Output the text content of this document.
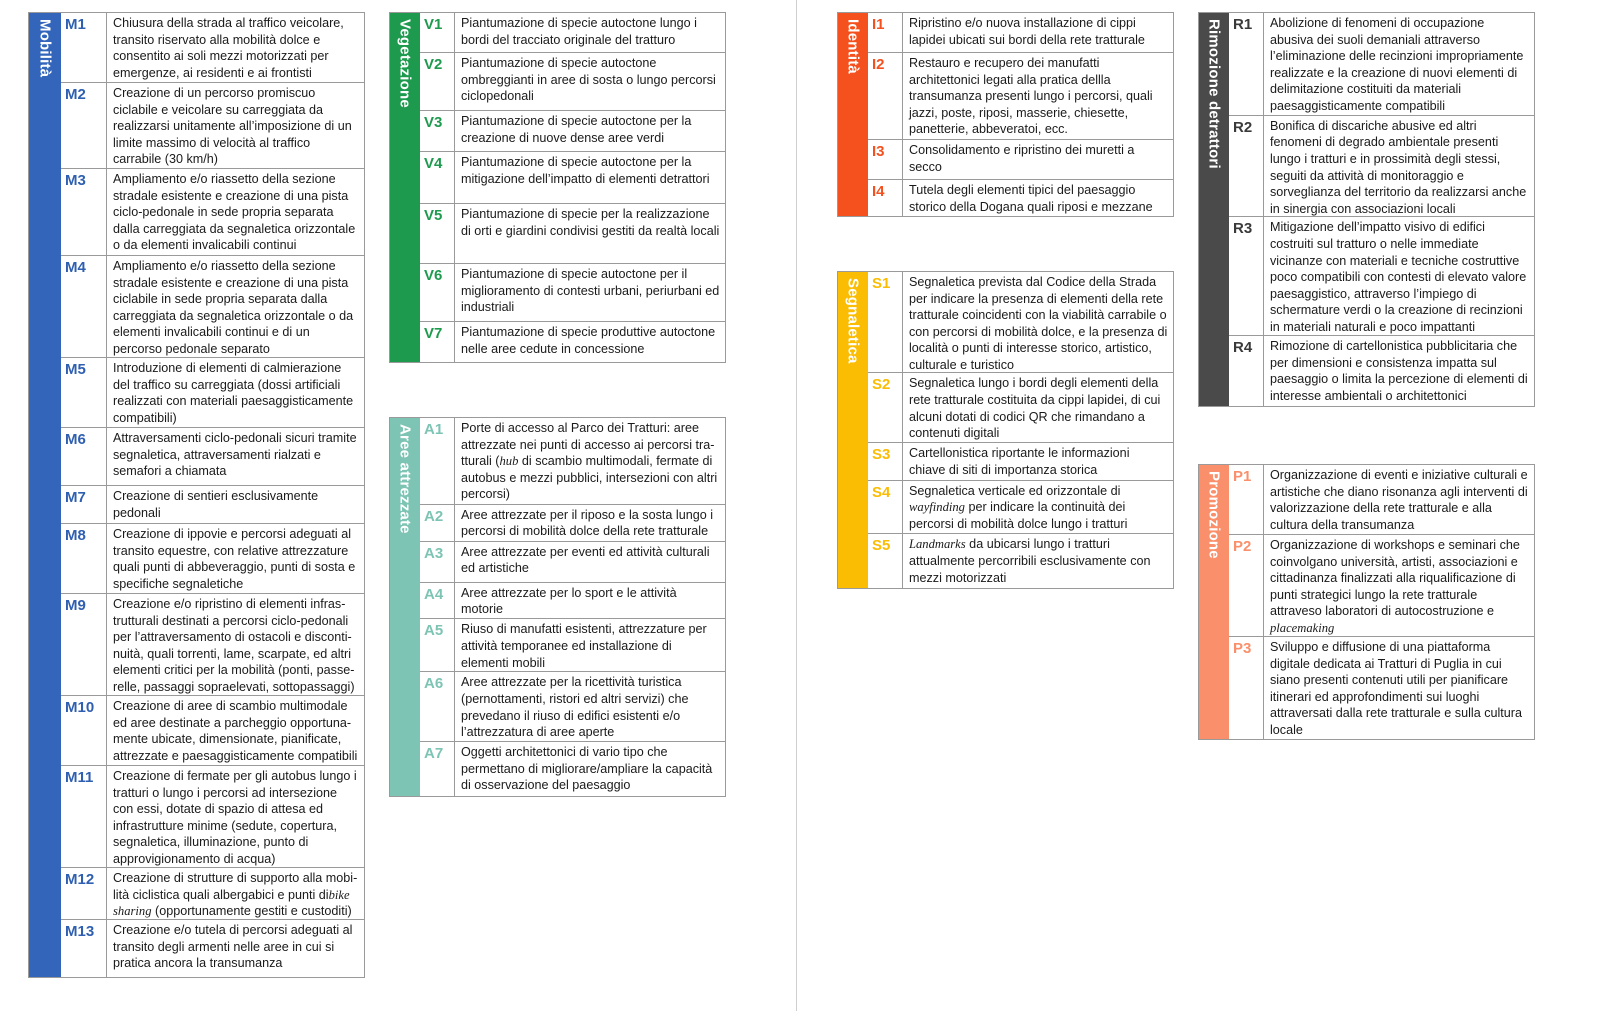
Mobilità M1	Chiusura della strada al traffico veicolare, transito riservato alla mobilità dolce e consentito ai soli mezzi motorizzati per emergenze, ai residenti e ai frontisti
M2	Creazione di un percorso promiscuo ciclabile e veicolare su carreggiata da realizzarsi unitamente all’imposizione di un limite massimo di velocità al traffico carrabile (30 km/h)
M3	Ampliamento e/o riassetto della sezione stradale esistente e creazione di una pista ciclo-pedonale in sede propria separata dalla carreggiata da segnaletica orizzontale o da elementi invalicabili continui
M4	Ampliamento e/o riassetto della sezione stradale esistente e creazione di una pista ciclabile in sede propria separata dalla carreggiata da segnaletica orizzontale o da elementi invalicabili continui e di un percorso pedonale separato
M5	Introduzione di elementi di calmierazione del traffico su carreggiata (dossi artificiali realizzati con materiali paesaggisticamente compatibili)
M6	Attraversamenti ciclo-pedonali sicuri tramite segnaletica, attraversamenti rialzati e semafori a chiamata
M7	Creazione di sentieri esclusivamente pedonali
M8	Creazione di ippovie e percorsi adeguati al transito equestre, con relative attrezzature quali punti di abbeveraggio, punti di sosta e specifiche segnaletiche
M9	Creazione e/o ripristino di elementi infras-trutturali destinati a percorsi ciclo-pedonali per l’attraversamento di ostacoli e disconti-nuità, quali torrenti, lame, scarpate, ed altri elementi critici per la mobilità (ponti, passe-relle, passaggi sopraelevati, sottopassaggi)
M10	Creazione di aree di scambio multimodale ed aree destinate a parcheggio opportuna-mente ubicate, dimensionate, pianificate, attrezzate e paesaggisticamente compatibili
M11	Creazione di fermate per gli autobus lungo i tratturi o lungo i percorsi ad intersezione con essi, dotate di spazio di attesa ed infrastrutture minime (sedute, copertura, segnaletica, illuminazione, punto di approvigionamento di acqua)
M12	Creazione di strutture di supporto alla mobi-lità ciclistica quali albergabici e punti dibike sharing (opportunamente gestiti e custoditi)
M13	Creazione e/o tutela di percorsi adeguati al transito degli armenti nelle aree in cui si pratica ancora la transumanza
Vegetazione V1	Piantumazione di specie autoctone lungo i bordi del tracciato originale del tratturo
V2	Piantumazione di specie autoctone ombreggianti in aree di sosta o lungo percorsi ciclopedonali
V3	Piantumazione di specie autoctone per la creazione di nuove dense aree verdi
V4	Piantumazione di specie autoctone per la mitigazione dell’impatto di elementi detrattori
V5	Piantumazione di specie per la realizzazione di orti e giardini condivisi gestiti da realtà locali
V6	Piantumazione di specie autoctone per il miglioramento di contesti urbani, periurbani ed industriali
V7	Piantumazione di specie produttive autoctone nelle aree cedute in concessione
Aree attrezzate A1	Porte di accesso al Parco dei Tratturi: aree attrezzate nei punti di accesso ai percorsi tra-tturali (hub di scambio multimodali, fermate di autobus e mezzi pubblici, intersezioni con altri percorsi)
A2	Aree attrezzate per il riposo e la sosta lungo i percorsi di mobilità dolce della rete tratturale
A3	Aree attrezzate per eventi ed attività culturali ed artistiche
A4	Aree attrezzate per lo sport e le attività motorie
A5	Riuso di manufatti esistenti, attrezzature per attività temporanee ed installazione di elementi mobili
A6	Aree attrezzate per la ricettività turistica (pernottamenti, ristori ed altri servizi) che prevedano il riuso di edifici esistenti e/o l’attrezzatura di aree aperte
A7	Oggetti architettonici di vario tipo che permettano di migliorare/ampliare la capacità di osservazione del paesaggio
Identità I1	Ripristino e/o nuova installazione di cippi lapidei ubicati sui bordi della rete tratturale
I2	Restauro e recupero dei manufatti architettonici legati alla pratica dellla transumanza presenti lungo i percorsi, quali jazzi, poste, riposi, masserie, chiesette, panetterie, abbeveratoi, ecc.
I3	Consolidamento e ripristino dei muretti a secco
I4	Tutela degli elementi tipici del paesaggio storico della Dogana quali riposi e mezzane
Segnaletica S1	Segnaletica prevista dal Codice della Strada per indicare la presenza di elementi della rete tratturale coincidenti con la viabilità carrabile o con percorsi di mobilità dolce, e la presenza di località o punti di interesse storico, artistico, culturale e turistico
S2	Segnaletica lungo i bordi degli elementi della rete tratturale costituita da cippi lapidei, di cui alcuni dotati di codici QR che rimandano a contenuti digitali
S3	Cartellonistica riportante le informazioni chiave di siti di importanza storica
S4	Segnaletica verticale ed orizzontale di wayfinding per indicare la continuità dei percorsi di mobilità dolce lungo i tratturi
S5	Landmarks da ubicarsi lungo i tratturi attualmente percorribili esclusivamente con mezzi motorizzati
Rimozione detrattori R1	Abolizione di fenomeni di occupazione abusiva dei suoli demaniali attraverso l’eliminazione delle recinzioni impropriamente realizzate e la creazione di nuovi elementi di delimitazione costituiti da materiali paesaggisticamente compatibili
R2	Bonifica di discariche abusive ed altri fenomeni di degrado ambientale presenti lungo i tratturi e in prossimità degli stessi, seguiti da attività di monitoraggio e sorveglianza del territorio da realizzarsi anche in sinergia con associazioni locali
R3	Mitigazione dell’impatto visivo di edifici costruiti sul tratturo o nelle immediate vicinanze con materiali e tecniche costruttive poco compatibili con contesti di elevato valore paesaggistico, attraverso l’impiego di schermature verdi o la creazione di recinzioni in materiali naturali e poco impattanti
R4	Rimozione di cartellonistica pubblicitaria che per dimensioni e consistenza impatta sul paesaggio o limita la percezione di elementi di interesse ambientali o architettonici
Promozione P1	Organizzazione di eventi e iniziative culturali e artistiche che diano risonanza agli interventi di valorizzazione della rete tratturale e alla cultura della transumanza
P2	Organizzazione di workshops e seminari che coinvolgano università, artisti, associazioni e cittadinanza finalizzati alla riqualificazione di punti strategici lungo la rete tratturale attraveso laboratori di autocostruzione e placemaking
P3	Sviluppo e diffusione di una piattaforma digitale dedicata ai Tratturi di Puglia in cui siano presenti contenuti utili per pianificare itinerari ed approfondimenti sui luoghi attraversati dalla rete tratturale e sulla cultura locale
